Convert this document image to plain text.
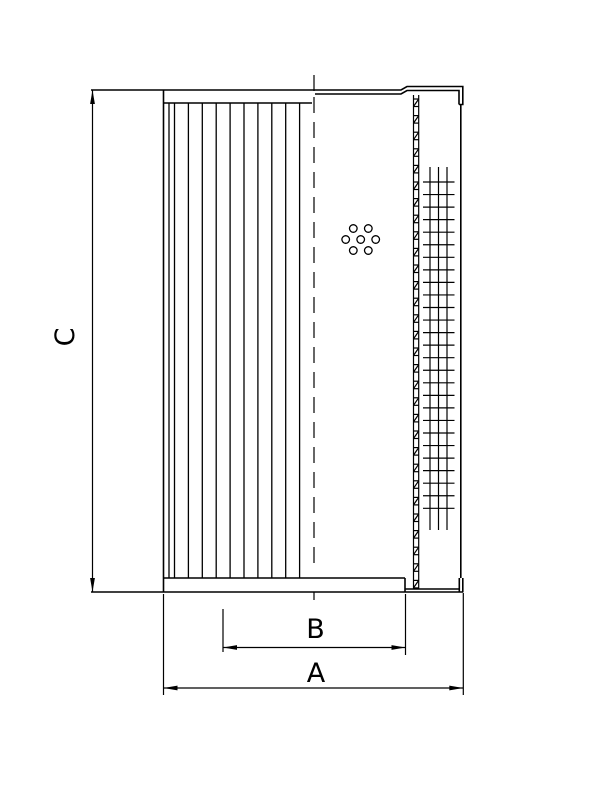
C
B
A
